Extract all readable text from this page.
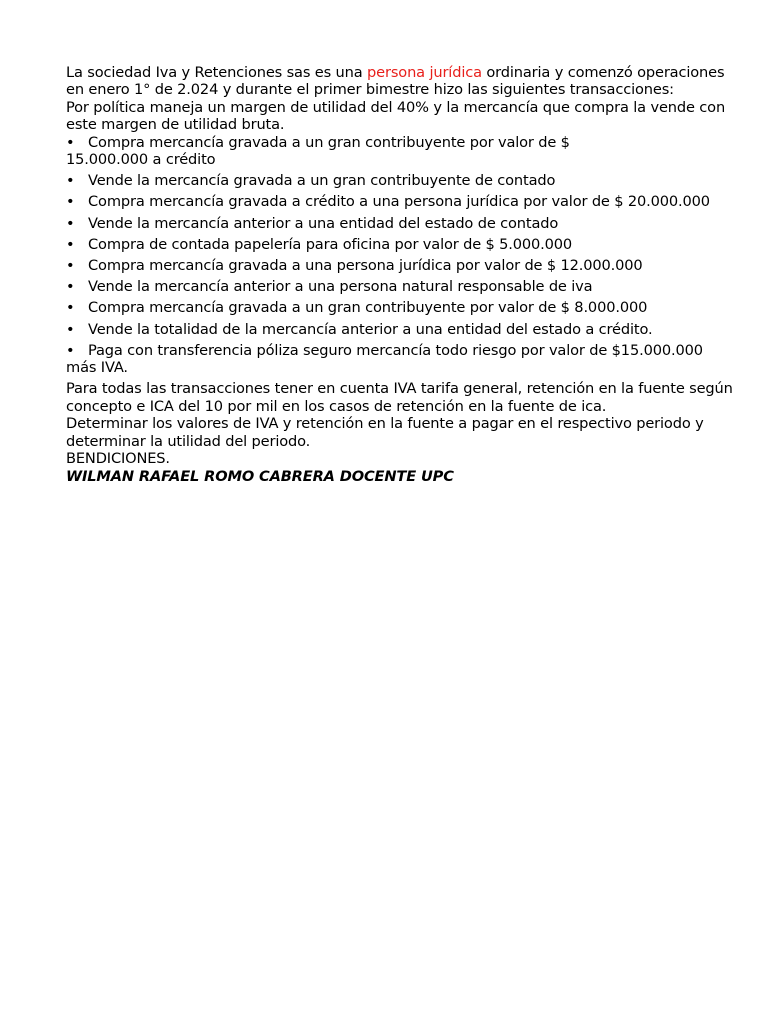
La sociedad Iva y Retenciones sas es una persona jurídica ordinaria y comenzó operaciones en enero 1° de 2.024 y durante el primer bimestre hizo las siguientes transacciones:

Por política maneja un margen de utilidad del 40% y la mercancía que compra la vende con este margen de utilidad bruta.

• Compra mercancía gravada a un gran contribuyente por valor de $
15.000.000 a crédito
• Vende la mercancía gravada a un gran contribuyente de contado
• Compra mercancía gravada a crédito a una persona jurídica por valor de $ 20.000.000
• Vende la mercancía anterior a una entidad del estado de contado
• Compra de contada papelería para oficina por valor de $ 5.000.000
• Compra mercancía gravada a una persona jurídica por valor de $ 12.000.000
• Vende la mercancía anterior a una persona natural responsable de iva
• Compra mercancía gravada a un gran contribuyente por valor de $ 8.000.000
• Vende la totalidad de la mercancía anterior a una entidad del estado a crédito.
• Paga con transferencia póliza seguro mercancía todo riesgo por valor de $15.000.000
más IVA.

Para todas las transacciones tener en cuenta IVA tarifa general, retención en la fuente según concepto e ICA del 10 por mil en los casos de retención en la fuente de ica.

Determinar los valores de IVA y retención en la fuente a pagar en el respectivo periodo y determinar la utilidad del periodo.

BENDICIONES.

WILMAN RAFAEL ROMO CABRERA DOCENTE UPC
